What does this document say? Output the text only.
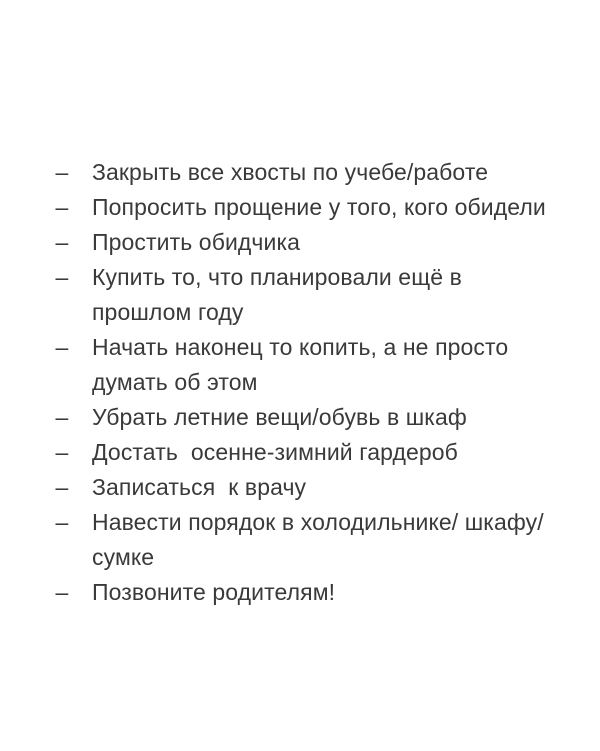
– Закрыть все хвосты по учебе/работе
– Попросить прощение у того, кого обидели
– Простить обидчика
– Купить то, что планировали ещё в прошлом году
– Начать наконец то копить, а не просто думать об этом
– Убрать летние вещи/обувь в шкаф
– Достать  осенне-зимний гардероб
– Записаться  к врачу
– Навести порядок в холодильнике/ шкафу/сумке
– Позвоните родителям!
